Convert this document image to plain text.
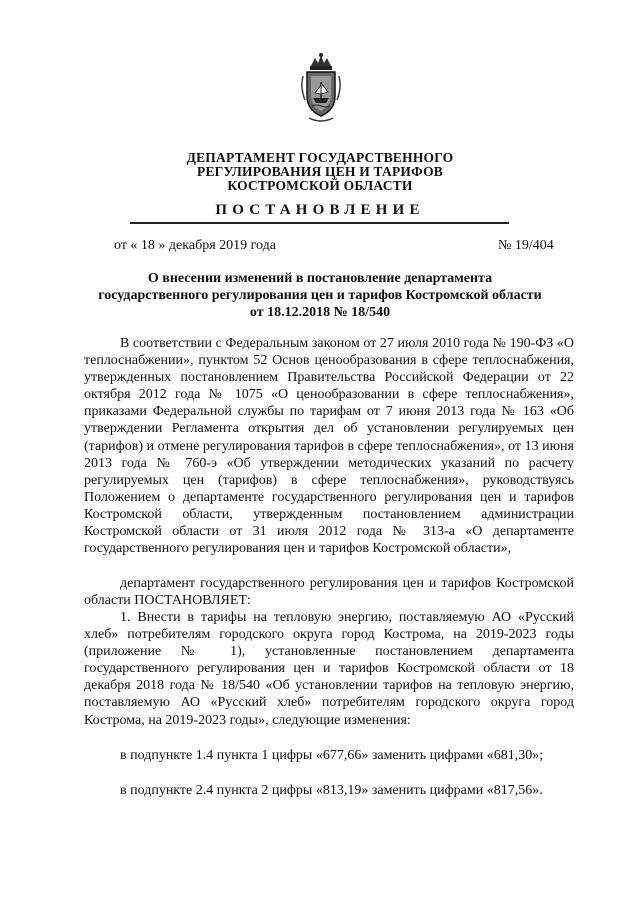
ДЕПАРТАМЕНТ ГОСУДАРСТВЕННОГО
РЕГУЛИРОВАНИЯ ЦЕН И ТАРИФОВ
КОСТРОМСКОЙ ОБЛАСТИ
ПОСТАНОВЛЕНИЕ
от « 18 » декабря 2019 года	№ 19/404
О внесении изменений в постановление департамента
государственного регулирования цен и тарифов Костромской области
от 18.12.2018 № 18/540

В соответствии с Федеральным законом от 27 июля 2010 года № 190-ФЗ «О теплоснабжении», пунктом 52 Основ ценообразования в сфере теплоснабжения, утвержденных постановлением Правительства Российской Федерации от 22 октября 2012 года № 1075 «О ценообразовании в сфере теплоснабжения», приказами Федеральной службы по тарифам от 7 июня 2013 года № 163 «Об утверждении Регламента открытия дел об установлении регулируемых цен (тарифов) и отмене регулирования тарифов в сфере теплоснабжения», от 13 июня 2013 года № 760-э «Об утверждении методических указаний по расчету регулируемых цен (тарифов) в сфере теплоснабжения», руководствуясь Положением о департаменте государственного регулирования цен и тарифов Костромской области, утвержденным постановлением администрации Костромской области от 31 июля 2012 года № 313-а «О департаменте государственного регулирования цен и тарифов Костромской области»,

департамент государственного регулирования цен и тарифов Костромской области ПОСТАНОВЛЯЕТ:

1. Внести в тарифы на тепловую энергию, поставляемую АО «Русский хлеб» потребителям городского округа город Кострома, на 2019-2023 годы (приложение № 1), установленные постановлением департамента государственного регулирования цен и тарифов Костромской области от 18 декабря 2018 года № 18/540 «Об установлении тарифов на тепловую энергию, поставляемую АО «Русский хлеб» потребителям городского округа город Кострома, на 2019-2023 годы», следующие изменения:

в подпункте 1.4 пункта 1 цифры «677,66» заменить цифрами «681,30»;

в подпункте 2.4 пункта 2 цифры «813,19» заменить цифрами «817,56».
